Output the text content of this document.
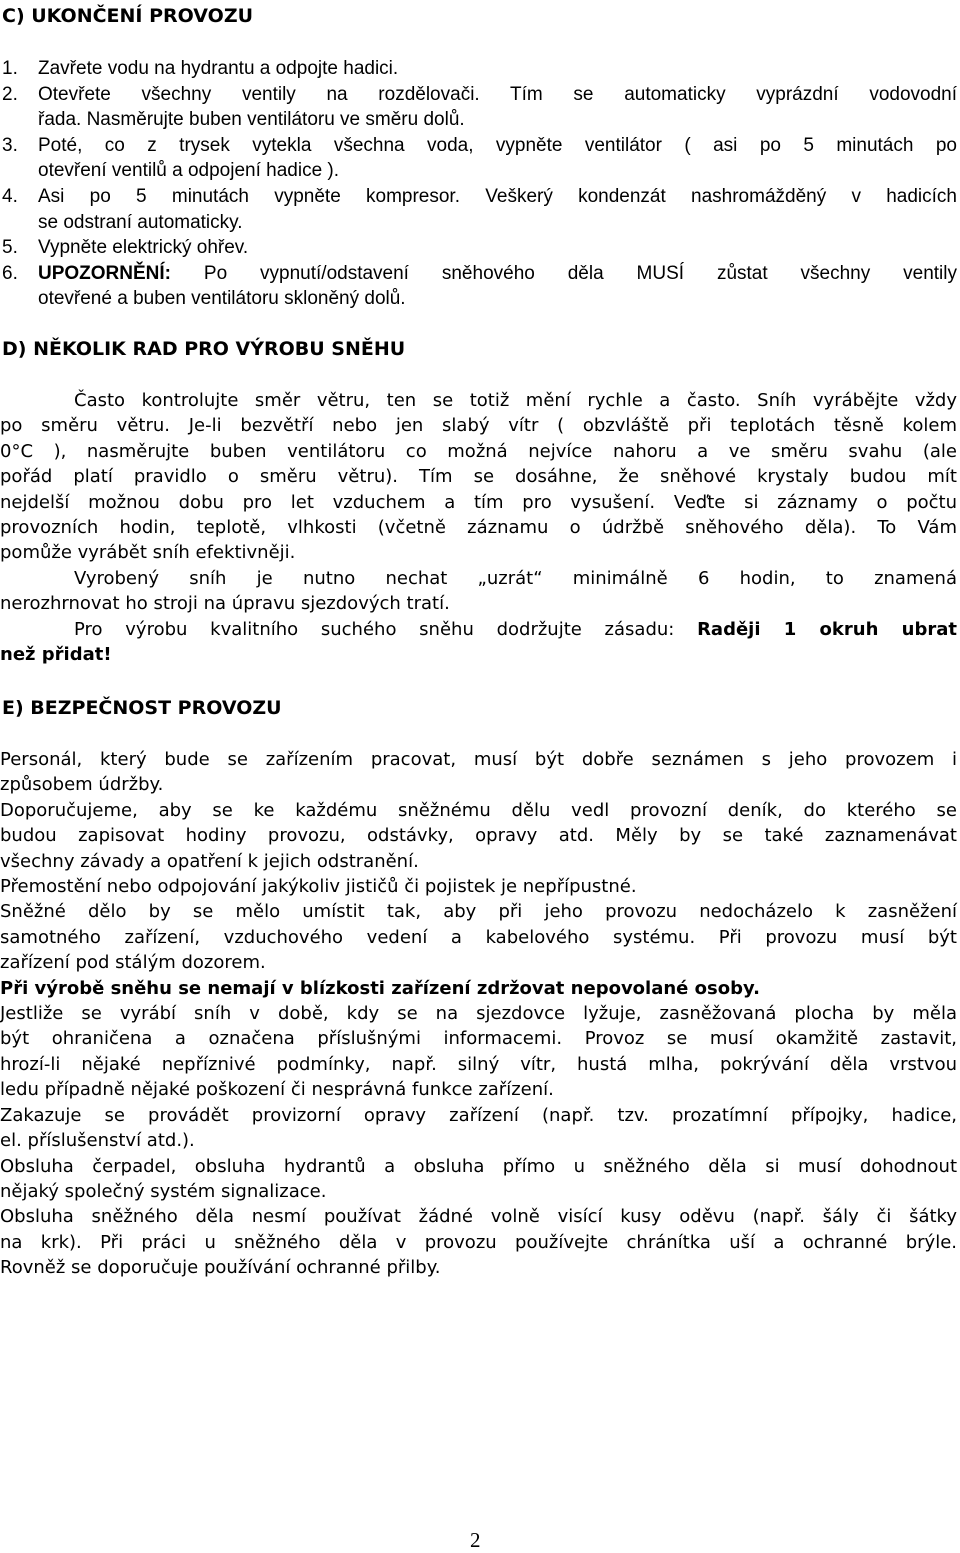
C) UKONČENÍ PROVOZU
1. Zavřete vodu na hydrantu a odpojte hadici.
2. Otevřete všechny ventily na rozdělovači. Tím se automaticky vyprázdní vodovodní
řada. Nasměrujte buben ventilátoru ve směru dolů.
3. Poté, co z trysek vytekla všechna voda, vypněte ventilátor ( asi po 5 minutách po
otevření ventilů a odpojení hadice ).
4. Asi po 5 minutách vypněte kompresor. Veškerý kondenzát nashromážděný v hadicích
se odstraní automaticky.
5. Vypněte elektrický ohřev.
6. UPOZORNĚNÍ: Po vypnutí/odstavení sněhového děla MUSÍ zůstat všechny ventily
otevřené a buben ventilátoru skloněný dolů.
D) NĚKOLIK RAD PRO VÝROBU SNĚHU
Často kontrolujte směr větru, ten se totiž mění rychle a často. Sníh vyrábějte vždy
po směru větru. Je-li bezvětří nebo jen slabý vítr ( obzvláště při teplotách těsně kolem
0°C ), nasměrujte buben ventilátoru co možná nejvíce nahoru a ve směru svahu (ale
pořád platí pravidlo o směru větru). Tím se dosáhne, že sněhové krystaly budou mít
nejdelší možnou dobu pro let vzduchem a tím pro vysušení. Veďte si záznamy o počtu
provozních hodin, teplotě, vlhkosti (včetně záznamu o údržbě sněhového děla). To Vám
pomůže vyrábět sníh efektivněji.
Vyrobený sníh je nutno nechat „uzrát“ minimálně 6 hodin, to znamená
nerozhrnovat ho stroji na úpravu sjezdových tratí.
Pro výrobu kvalitního suchého sněhu dodržujte zásadu: Raději 1 okruh ubrat
než přidat!
E) BEZPEČNOST PROVOZU
Personál, který bude se zařízením pracovat, musí být dobře seznámen s jeho provozem i
způsobem údržby.
Doporučujeme, aby se ke každému sněžnému dělu vedl provozní deník, do kterého se
budou zapisovat hodiny provozu, odstávky, opravy atd. Měly by se také zaznamenávat
všechny závady a opatření k jejich odstranění.
Přemostění nebo odpojování jakýkoliv jističů či pojistek je nepřípustné.
Sněžné dělo by se mělo umístit tak, aby při jeho provozu nedocházelo k zasněžení
samotného zařízení, vzduchového vedení a kabelového systému. Při provozu musí být
zařízení pod stálým dozorem.
Při výrobě sněhu se nemají v blízkosti zařízení zdržovat nepovolané osoby.
Jestliže se vyrábí sníh v době, kdy se na sjezdovce lyžuje, zasněžovaná plocha by měla
být ohraničena a označena příslušnými informacemi. Provoz se musí okamžitě zastavit,
hrozí-li nějaké nepříznivé podmínky, např. silný vítr, hustá mlha, pokrývání děla vrstvou
ledu případně nějaké poškození či nesprávná funkce zařízení.
Zakazuje se provádět provizorní opravy zařízení (např. tzv. prozatímní přípojky, hadice,
el. příslušenství atd.).
Obsluha čerpadel, obsluha hydrantů a obsluha přímo u sněžného děla si musí dohodnout
nějaký společný systém signalizace.
Obsluha sněžného děla nesmí používat žádné volně visící kusy oděvu (např. šály či šátky
na krk). Při práci u sněžného děla v provozu používejte chránítka uší a ochranné brýle.
Rovněž se doporučuje používání ochranné přilby.
2
